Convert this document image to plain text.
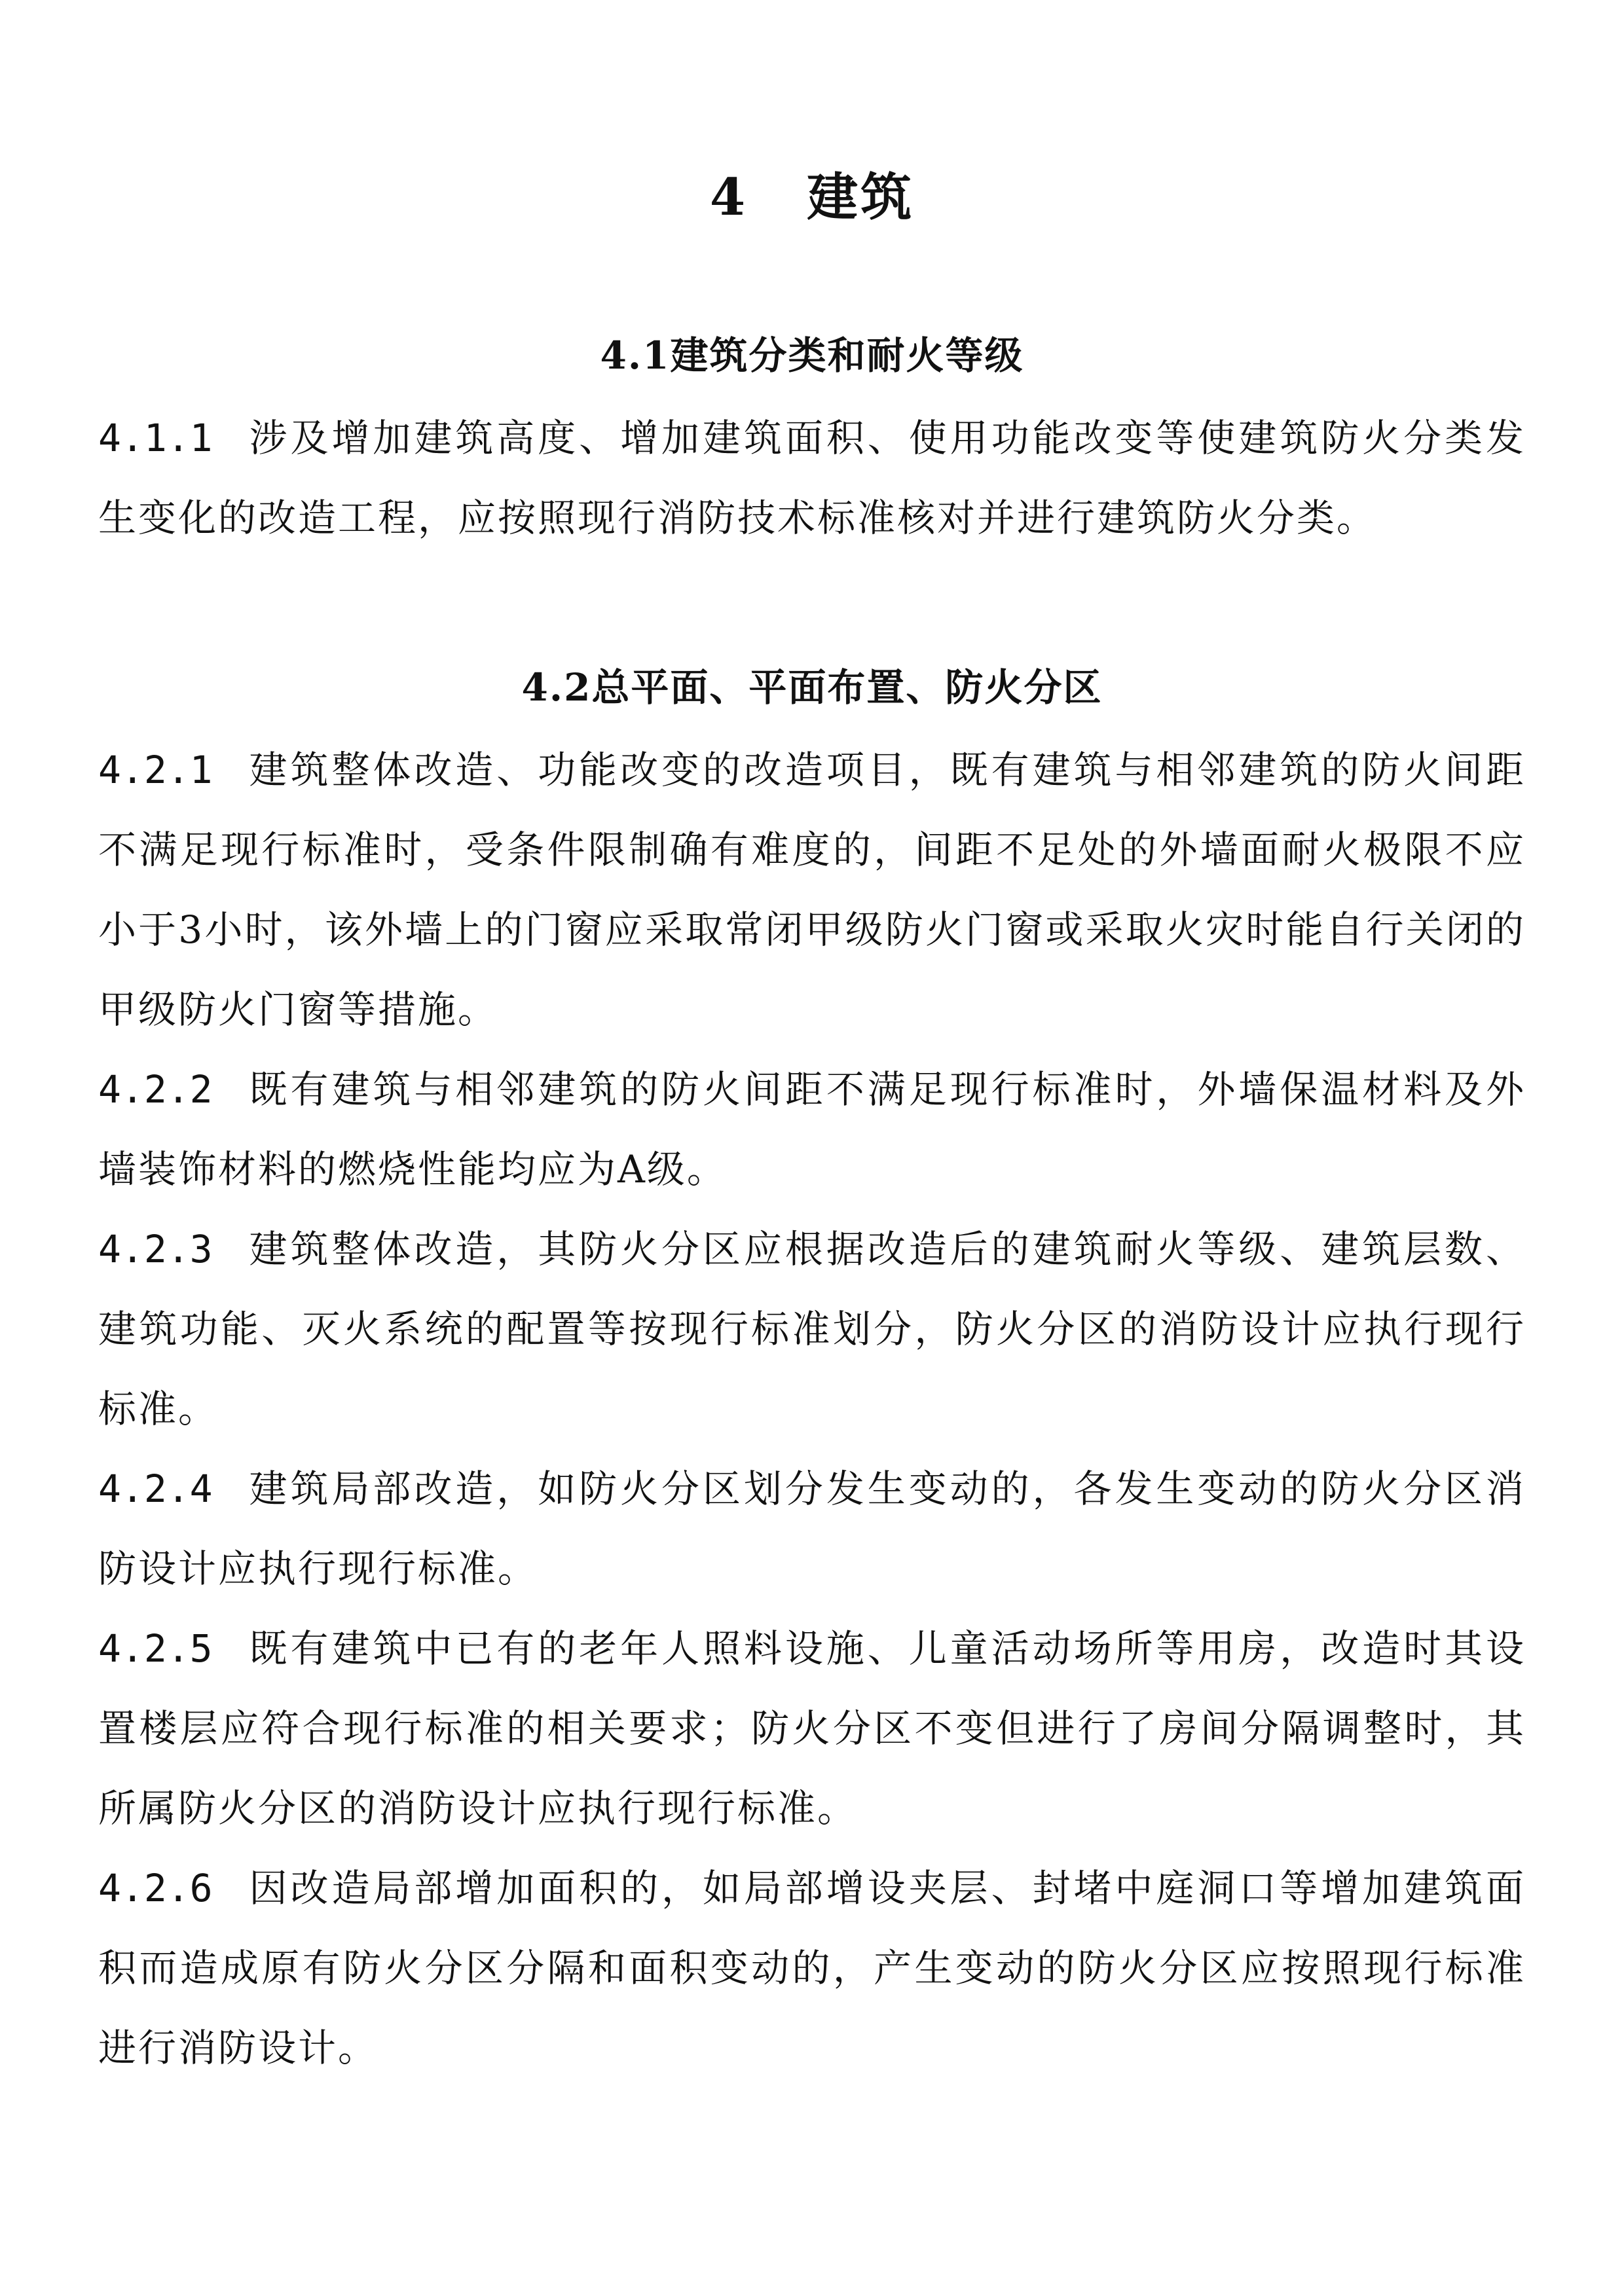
4 建筑
4.1建筑分类和耐火等级

4.1.1 涉及增加建筑高度、增加建筑面积、使用功能改变等使建筑防火分类发生变化的改造工程，应按照现行消防技术标准核对并进行建筑防火分类。

4.2总平面、平面布置、防火分区

4.2.1 建筑整体改造、功能改变的改造项目，既有建筑与相邻建筑的防火间距不满足现行标准时，受条件限制确有难度的，间距不足处的外墙面耐火极限不应小于3小时，该外墙上的门窗应采取常闭甲级防火门窗或采取火灾时能自行关闭的甲级防火门窗等措施。

4.2.2 既有建筑与相邻建筑的防火间距不满足现行标准时，外墙保温材料及外墙装饰材料的燃烧性能均应为A级。

4.2.3 建筑整体改造，其防火分区应根据改造后的建筑耐火等级、建筑层数、建筑功能、灭火系统的配置等按现行标准划分，防火分区的消防设计应执行现行标准。

4.2.4 建筑局部改造，如防火分区划分发生变动的，各发生变动的防火分区消防设计应执行现行标准。

4.2.5 既有建筑中已有的老年人照料设施、儿童活动场所等用房，改造时其设置楼层应符合现行标准的相关要求；防火分区不变但进行了房间分隔调整时，其所属防火分区的消防设计应执行现行标准。

4.2.6 因改造局部增加面积的，如局部增设夹层、封堵中庭洞口等增加建筑面积而造成原有防火分区分隔和面积变动的，产生变动的防火分区应按照现行标准进行消防设计。
